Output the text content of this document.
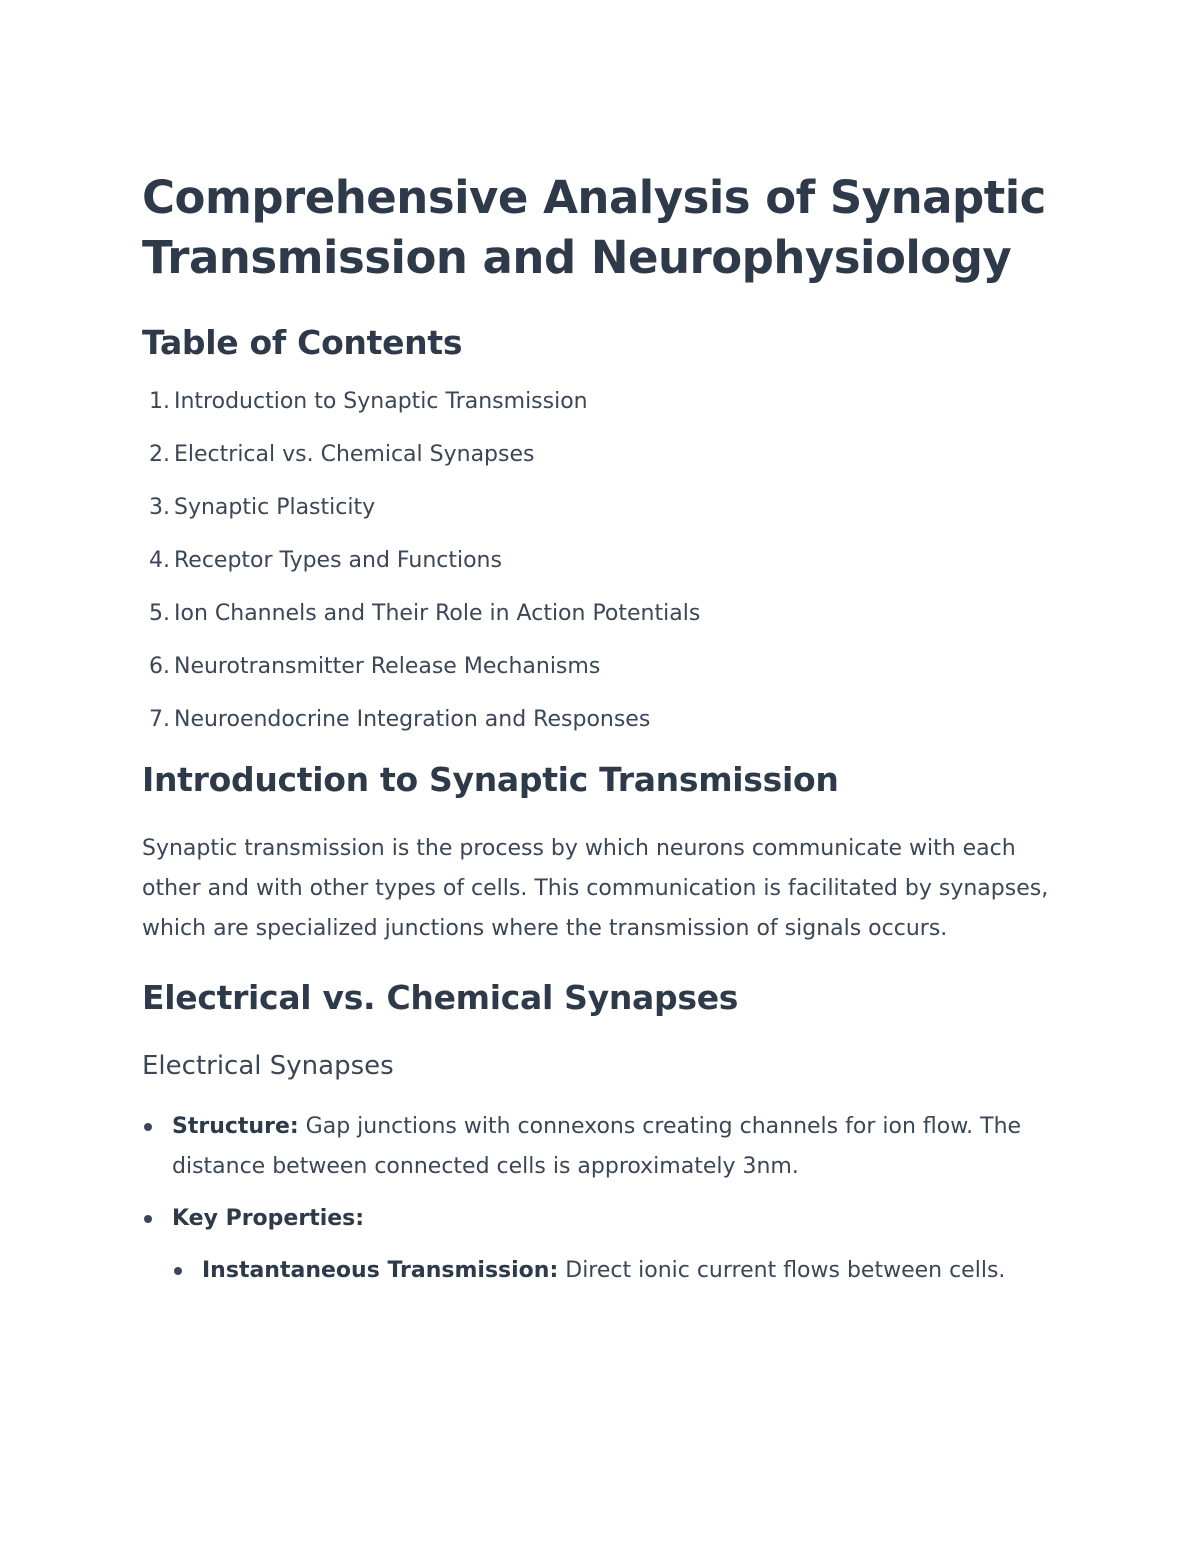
Comprehensive Analysis of Synaptic Transmission and Neurophysiology
Table of Contents
1. Introduction to Synaptic Transmission
2. Electrical vs. Chemical Synapses
3. Synaptic Plasticity
4. Receptor Types and Functions
5. Ion Channels and Their Role in Action Potentials
6. Neurotransmitter Release Mechanisms
7. Neuroendocrine Integration and Responses
Introduction to Synaptic Transmission

Synaptic transmission is the process by which neurons communicate with each other and with other types of cells. This communication is facilitated by synapses, which are specialized junctions where the transmission of signals occurs.

Electrical vs. Chemical Synapses
Electrical Synapses
Structure: Gap junctions with connexons creating channels for ion flow. The distance between connected cells is approximately 3nm.
Key Properties:
Instantaneous Transmission: Direct ionic current flows between cells.
